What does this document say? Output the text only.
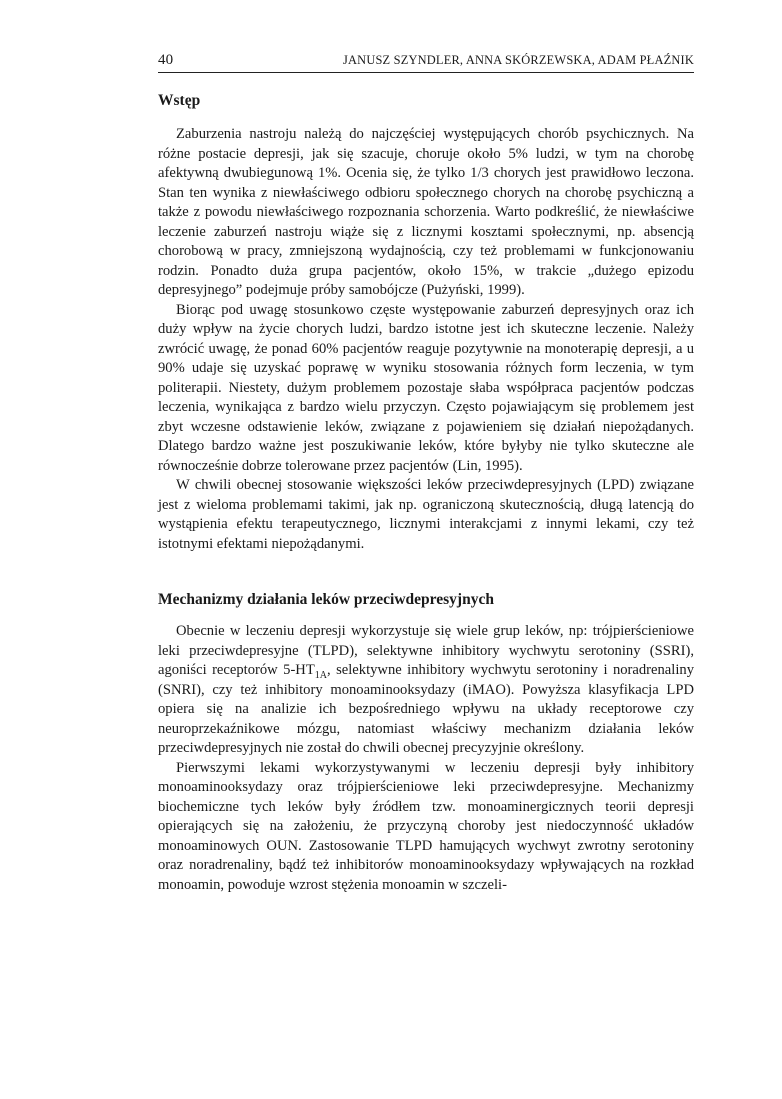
40	JANUSZ SZYNDLER, ANNA SKÓRZEWSKA, ADAM PŁAŹNIK
Wstęp

Zaburzenia nastroju należą do najczęściej występujących chorób psychicznych. Na różne postacie depresji, jak się szacuje, choruje około 5% ludzi, w tym na chorobę afektywną dwubiegunową 1%. Ocenia się, że tylko 1/3 chorych jest prawidłowo leczona. Stan ten wynika z niewłaściwego odbioru społecznego chorych na chorobę psychiczną a także z powodu niewłaściwego rozpoznania schorzenia. Warto podkreślić, że niewłaściwe leczenie zaburzeń nastroju wiąże się z licznymi kosztami społecznymi, np. absencją chorobową w pracy, zmniejszoną wydajnością, czy też problemami w funkcjonowaniu rodzin. Ponadto duża grupa pacjentów, około 15%, w trakcie „dużego epizodu depresyjnego” podejmuje próby samobójcze (Pużyński, 1999).

Biorąc pod uwagę stosunkowo częste występowanie zaburzeń depresyjnych oraz ich duży wpływ na życie chorych ludzi, bardzo istotne jest ich skuteczne leczenie. Należy zwrócić uwagę, że ponad 60% pacjentów reaguje pozytywnie na monoterapię depresji, a u 90% udaje się uzyskać poprawę w wyniku stosowania różnych form leczenia, w tym politerapii. Niestety, dużym problemem pozostaje słaba współpraca pacjentów podczas leczenia, wynikająca z bardzo wielu przyczyn. Często pojawiającym się problemem jest zbyt wczesne odstawienie leków, związane z pojawieniem się działań niepożądanych. Dlatego bardzo ważne jest poszukiwanie leków, które byłyby nie tylko skuteczne ale równocześnie dobrze tolerowane przez pacjentów (Lin, 1995).

W chwili obecnej stosowanie większości leków przeciwdepresyjnych (LPD) związane jest z wieloma problemami takimi, jak np. ograniczoną skutecznością, długą latencją do wystąpienia efektu terapeutycznego, licznymi interakcjami z innymi lekami, czy też istotnymi efektami niepożądanymi.

Mechanizmy działania leków przeciwdepresyjnych

Obecnie w leczeniu depresji wykorzystuje się wiele grup leków, np: trójpierścieniowe leki przeciwdepresyjne (TLPD), selektywne inhibitory wychwytu serotoniny (SSRI), agoniści receptorów $5-HT_{1A}$, selektywne inhibitory wychwytu serotoniny i noradrenaliny (SNRI), czy też inhibitory monoaminooksydazy (iMAO). Powyższa klasyfikacja LPD opiera się na analizie ich bezpośredniego wpływu na układy receptorowe czy neuroprzekaźnikowe mózgu, natomiast właściwy mechanizm działania leków przeciwdepresyjnych nie został do chwili obecnej precyzyjnie określony.

Pierwszymi lekami wykorzystywanymi w leczeniu depresji były inhibitory monoaminooksydazy oraz trójpierścieniowe leki przeciwdepresyjne. Mechanizmy biochemiczne tych leków były źródłem tzw. monoaminergicznych teorii depresji opierających się na założeniu, że przyczyną choroby jest niedoczynność układów monoaminowych OUN. Zastosowanie TLPD hamujących wychwyt zwrotny serotoniny oraz noradrenaliny, bądź też inhibitorów monoaminooksydazy wpływających na rozkład monoamin, powoduje wzrost stężenia monoamin w szczeli-
